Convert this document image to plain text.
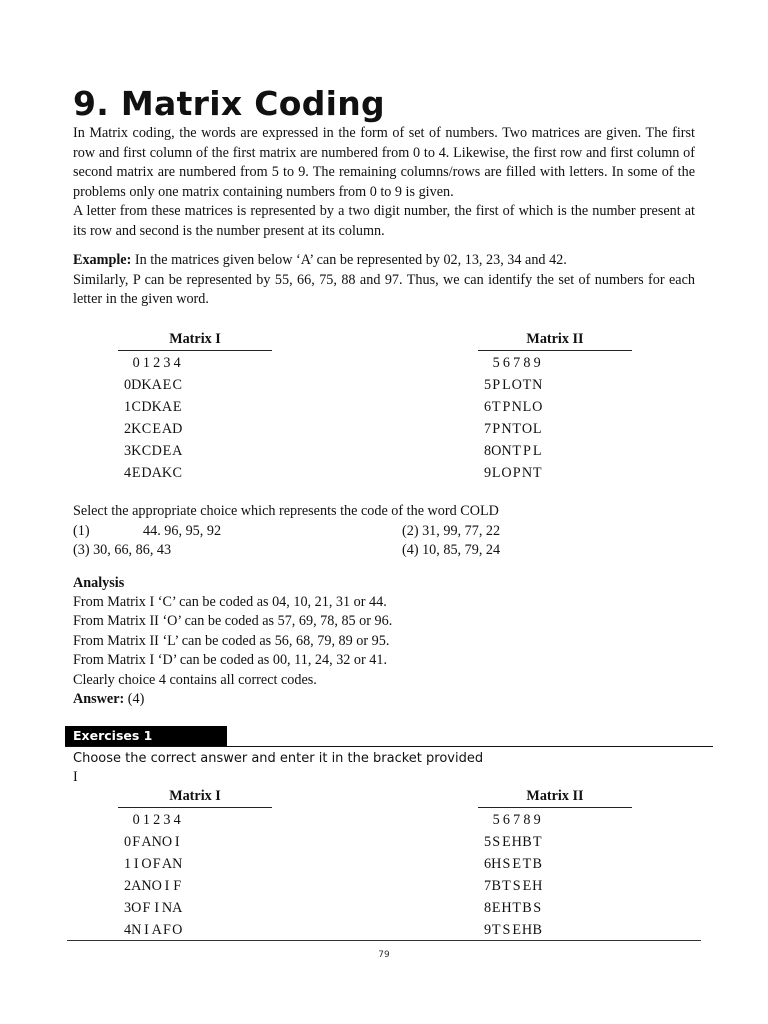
9. Matrix Coding

In Matrix coding, the words are expressed in the form of set of numbers. Two matrices are given. The first row and first column of the first matrix are numbered from 0 to 4. Likewise, the first row and first column of second matrix are numbered from 5 to 9. The remaining columns/rows are filled with letters. In some of the problems only one matrix containing numbers from 0 to 9 is given.

A letter from these matrices is represented by a two digit number, the first of which is the number present at its row and second is the number present at its column.

Example: In the matrices given below ‘A’ can be represented by 02, 13, 23, 34 and 42.

Similarly, P can be represented by 55, 66, 75, 88 and 97. Thus, we can identify the set of numbers for each letter in the given word.

Matrix I
	0	1	2	3	4
0	D	K	A	E	C
1	C	D	K	A	E
2	K	C	E	A	D
3	K	C	D	E	A
4	E	D	A	K	C
Matrix II
	5	6	7	8	9
5	P	L	O	T	N
6	T	P	N	L	O
7	P	N	T	O	L
8	O	N	T	P	L
9	L	O	P	N	T
Select the appropriate choice which represents the code of the word COLD
(1)	44. 96, 95, 92	(2) 31, 99, 77, 22
(3) 30, 66, 86, 43	(4) 10, 85, 79, 24
Analysis
From Matrix I ‘C’ can be coded as 04, 10, 21, 31 or 44.
From Matrix II ‘O’ can be coded as 57, 69, 78, 85 or 96.
From Matrix II ‘L’ can be coded as 56, 68, 79, 89 or 95.
From Matrix I ‘D’ can be coded as 00, 11, 24, 32 or 41.
Clearly choice 4 contains all correct codes.
Answer: (4)
Exercises 1
Choose the correct answer and enter it in the bracket provided
I
Matrix I
	0	1	2	3	4
0	F	A	N	O	I
1	I	O	F	A	N
2	A	N	O	I	F
3	O	F	I	N	A
4	N	I	A	F	O
Matrix II
	5	6	7	8	9
5	S	E	H	B	T
6	H	S	E	T	B
7	B	T	S	E	H
8	E	H	T	B	S
9	T	S	E	H	B
79
